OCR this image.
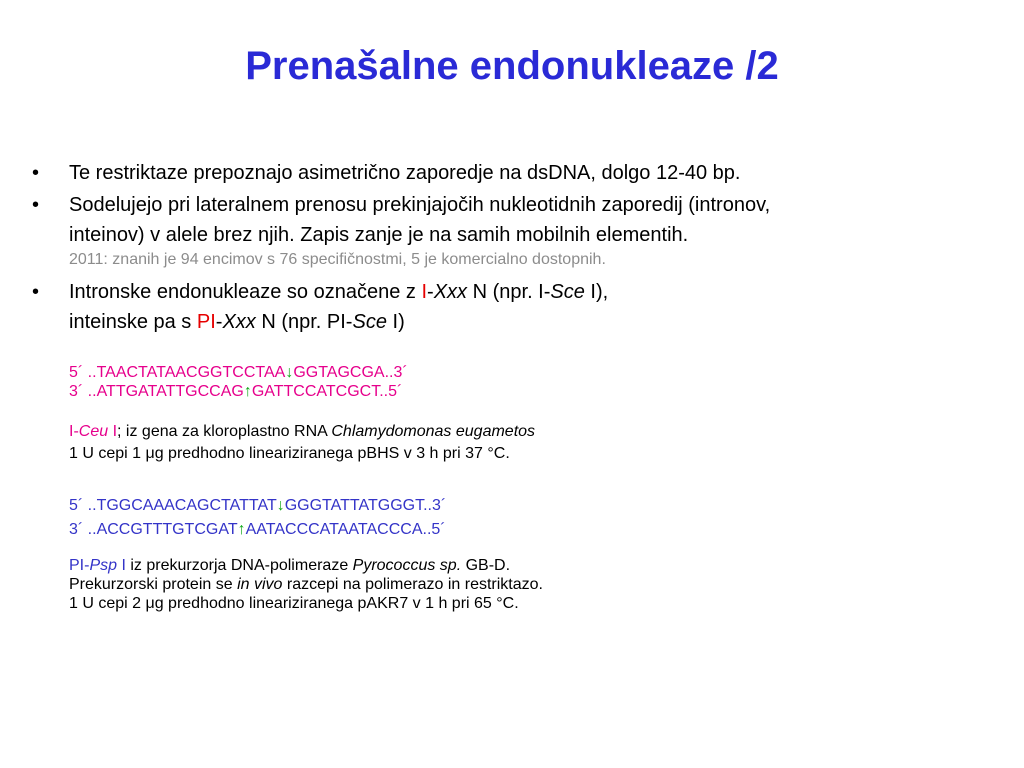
Prenašalne endonukleaze /2
• Te restriktaze prepoznajo asimetrično zaporedje na dsDNA, dolgo 12-40 bp.
• Sodelujejo pri lateralnem prenosu prekinjajočih nukleotidnih zaporedij (intronov,
inteinov) v alele brez njih. Zapis zanje je na samih mobilnih elementih.
2011: znanih je 94 encimov s 76 specifičnostmi, 5 je komercialno dostopnih.
• Intronske endonukleaze so označene z I-Xxx N (npr. I-Sce I),
inteinske pa s PI-Xxx N (npr. PI-Sce I)
5´ ..TAACTATAACGGTCCTAA↓GGTAGCGA..3´
3´ ..ATTGATATTGCCAG↑GATTCCATCGCT..5´
I-Ceu I; iz gena za kloroplastno RNA Chlamydomonas eugametos
1 U cepi 1 μg predhodno lineariziranega pBHS v 3 h pri 37 °C.
5´ ..TGGCAAACAGCTATTAT↓GGGTATTATGGGT..3´
3´ ..ACCGTTTGTCGAT↑AATACCCATAATACCCA..5´
PI-Psp I iz prekurzorja DNA-polimeraze Pyrococcus sp. GB-D.
Prekurzorski protein se in vivo razcepi na polimerazo in restriktazo.
1 U cepi 2 μg predhodno lineariziranega pAKR7 v 1 h pri 65 °C.
